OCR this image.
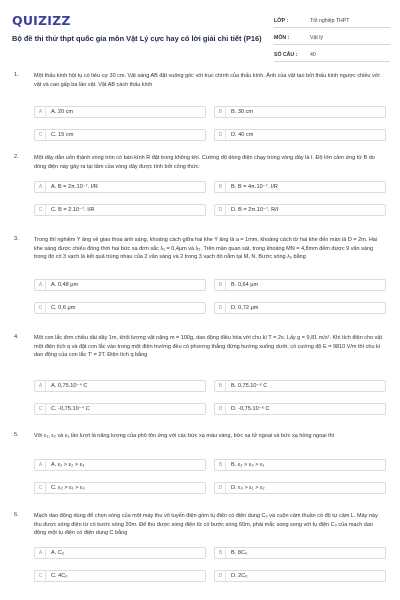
QUIZIZZ
Bộ đề thi thử thpt quốc gia môn Vật Lý cực hay có lời giải chi tiết (P16)
LỚP :	Tốt nghiệp THPT
MÔN :	Vật lý
SỐ CÂU :	40
1.	Một thấu kính hội tụ có tiêu cự 30 cm. Vật sáng AB đặt vuông góc với trục chính của thấu kính. Ảnh của vật tạo bởi thấu kính ngược chiều với vật và cao gấp ba lần vật. Vật AB cách thấu kính
A	A. 20 cm	B	B. 30 cm
C	C. 15 cm	D	D. 40 cm
2.	Một dây dẫn uốn thành vòng tròn có bán kính R đặt trong không khí. Cường độ dòng điện chạy trong vòng dây là I. Độ lớn cảm ứng từ B do dòng điện này gây ra tại tâm của vòng dây được tính bởi công thức:
A	A. B = 2π.10⁻⁷. I/R	B	B. B = 4π.10⁻⁷. I/R
C	C. B = 2.10⁻⁷. I/R	D	D. B = 2π.10⁻⁷. R/I
3.	Trong thí nghiệm Y âng về giao thoa ánh sáng, khoảng cách giữa hai khe Y âng là a = 1mm, khoảng cách từ hai khe đến màn là D = 2m. Hai khe sáng được chiếu đồng thời hai bức xạ đơn sắc λ₁ = 0,4μm và λ₂. Trên màn quan sát, trong khoảng MN = 4,8mm đếm được 9 vân sáng trong đó có 3 vạch là kết quả trùng nhau của 2 vân sáng và 2 trong 3 vạch đó nằm tại M, N. Bước sóng λ₂ bằng
A	A. 0,48 μm	B	B. 0,64 μm
C	C. 0,6 μm	D	D. 0,72 μm
4.	Một con lắc đơn chiều dài dây 1m, khối lượng vật nặng m = 100g, dao động điều hòa với chu kì T = 2s. Lấy g = 9,81 m/s². Khi tích điện cho vật một điện tích q và đặt con lắc vào trong một điện trường đều có phương thẳng đứng hướng xuống dưới, có cường độ E = 9810 V/m thì chu kì dao động của con lắc T' = 2T. Điện tích q bằng
A	A. 0,75.10⁻⁴ C	B	B. 0,75.10⁻⁶ C
C	C. -0,75.10⁻⁴ C	D	D. -0,75.10⁻⁶ C
5.	Với ε₁, ε₂ và ε₃ lần lượt là năng lượng của phô tôn ứng với các bức xạ màu vàng, bức xạ tử ngoại và bức xạ hồng ngoại thì
A	A. ε₁ > ε₂ > ε₃	B	B. ε₂ > ε₃ > ε₁
C	C. ε₂ > ε₁ > ε₃	D	D. ε₃ > ε₁ > ε₂
6.	Mạch dao động dùng để chọn sóng của một máy thu vô tuyến điện gồm tụ điện có điện dung C₀ và cuộn cảm thuần có độ tự cảm L. Máy này thu được sóng điện từ có bước sóng 20m. Để thu được sóng điện từ có bước sóng 60m, phải mắc song song với tụ điện C₀ của mạch dao động một tụ điện có điện dung C bằng
A	A. C₀	B	B. 8C₀
C	C. 4C₀	D	D. 2C₀
